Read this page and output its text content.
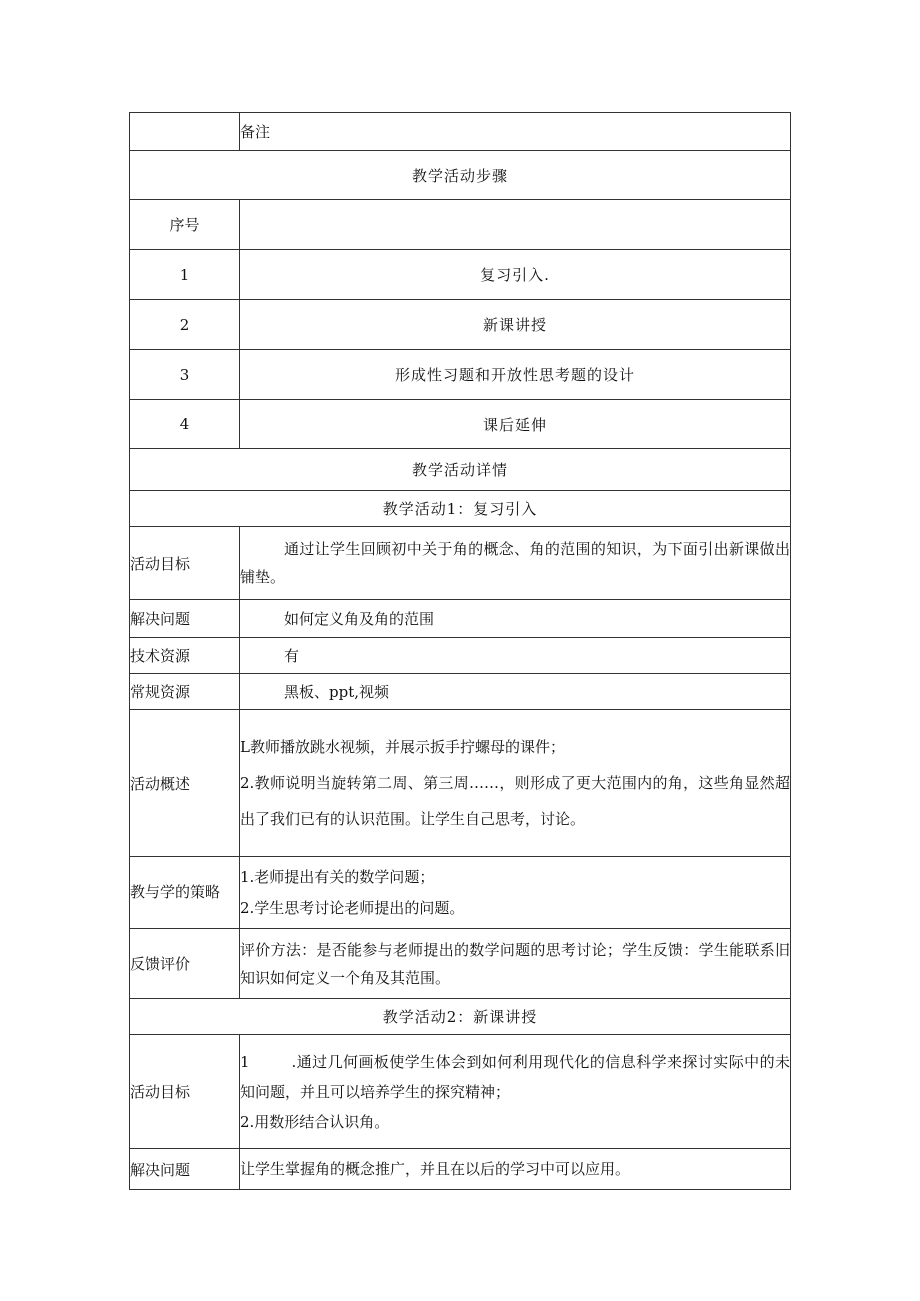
	备注
教学活动步骤	
序号	
1	复习引入.
2	新课讲授
3	形成性习题和开放性思考题的设计
4	课后延伸
教学活动详情	
教学活动1：复习引入	
活动目标	通过让学生回顾初中关于角的概念、角的范围的知识，为下面引出新课做出铺垫。
解决问题	如何定义角及角的范围
技术资源	有
常规资源	黑板、ppt,视频
活动概述	L教师播放跳水视频，并展示扳手拧螺母的课件；
2.教师说明当旋转第二周、第三周……，则形成了更大范围内的角，这些角显然超出了我们已有的认识范围。让学生自己思考，讨论。

教与学的策略	1.老师提出有关的数学问题；
2.学生思考讨论老师提出的问题。

反馈评价	评价方法：是否能参与老师提出的数学问题的思考讨论；学生反馈：学生能联系旧知识如何定义一个角及其范围。
教学活动2：新课讲授	
活动目标	1 .通过几何画板使学生体会到如何利用现代化的信息科学来探讨实际中的未知问题，并且可以培养学生的探究精神；
2.用数形结合认识角。

解决问题	让学生掌握角的概念推广，并且在以后的学习中可以应用。
